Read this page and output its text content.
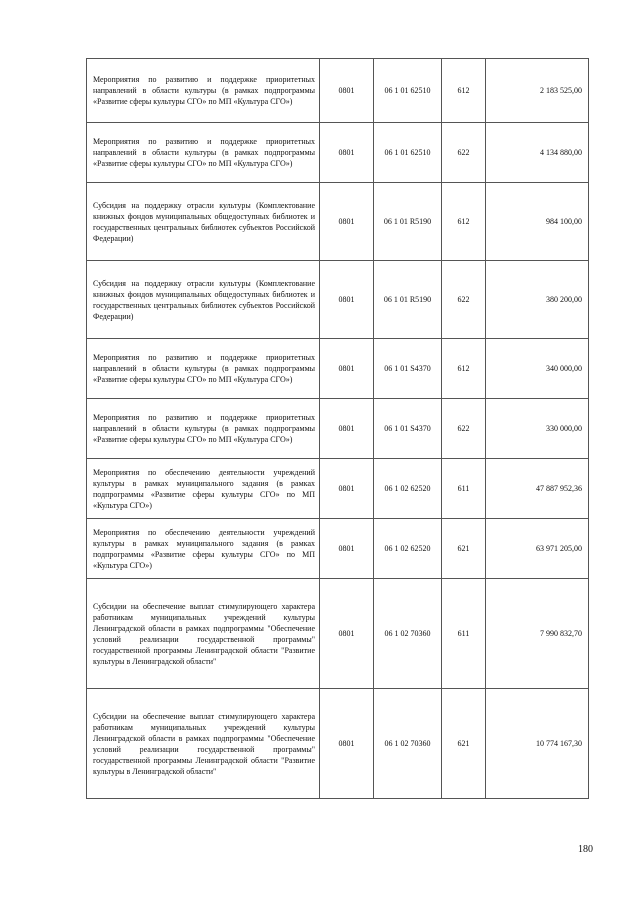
Мероприятия по развитию и поддержке приоритетных направлений в области культуры (в рамках подпрограммы «Развитие сферы культуры СГО» по МП «Культура СГО»)	0801	06 1 01 62510	612	2 183 525,00
Мероприятия по развитию и поддержке приоритетных направлений в области культуры (в рамках подпрограммы «Развитие сферы культуры СГО» по МП «Культура СГО»)	0801	06 1 01 62510	622	4 134 880,00
Субсидия на поддержку отрасли культуры (Комплектование книжных фондов муниципальных общедоступных библиотек и государственных центральных библиотек субъектов Российской Федерации)	0801	06 1 01 R5190	612	984 100,00
Субсидия на поддержку отрасли культуры (Комплектование книжных фондов муниципальных общедоступных библиотек и государственных центральных библиотек субъектов Российской Федерации)	0801	06 1 01 R5190	622	380 200,00
Мероприятия по развитию и поддержке приоритетных направлений в области культуры (в рамках подпрограммы «Развитие сферы культуры СГО» по МП «Культура СГО»)	0801	06 1 01 S4370	612	340 000,00
Мероприятия по развитию и поддержке приоритетных направлений в области культуры (в рамках подпрограммы «Развитие сферы культуры СГО» по МП «Культура СГО»)	0801	06 1 01 S4370	622	330 000,00
Мероприятия по обеспечению деятельности учреждений культуры в рамках муниципального задания (в рамках подпрограммы «Развитие сферы культуры СГО» по МП «Культура СГО»)	0801	06 1 02 62520	611	47 887 952,36
Мероприятия по обеспечению деятельности учреждений культуры в рамках муниципального задания (в рамках подпрограммы «Развитие сферы культуры СГО» по МП «Культура СГО»)	0801	06 1 02 62520	621	63 971 205,00
Субсидии на обеспечение выплат стимулирующего характера работникам муниципальных учреждений культуры Ленинградской области в рамках подпрограммы "Обеспечение условий реализации государственной программы" государственной программы Ленинградской области "Развитие культуры в Ленинградской области"	0801	06 1 02 70360	611	7 990 832,70
Субсидии на обеспечение выплат стимулирующего характера работникам муниципальных учреждений культуры Ленинградской области в рамках подпрограммы "Обеспечение условий реализации государственной программы" государственной программы Ленинградской области "Развитие культуры в Ленинградской области"	0801	06 1 02 70360	621	10 774 167,30
180
